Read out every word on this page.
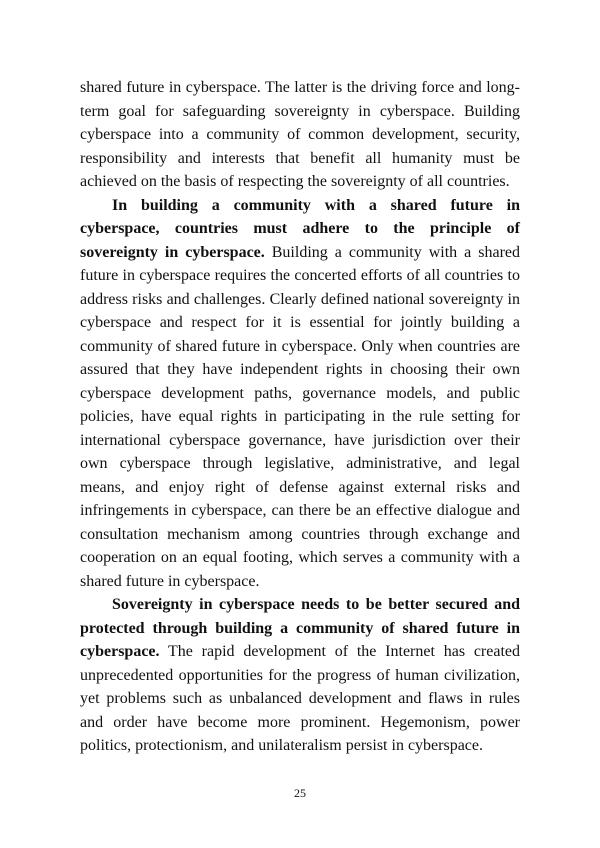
shared future in cyberspace. The latter is the driving force and long-term goal for safeguarding sovereignty in cyberspace. Building cyberspace into a community of common development, security, responsibility and interests that benefit all humanity must be achieved on the basis of respecting the sovereignty of all countries.

In building a community with a shared future in cyberspace, countries must adhere to the principle of sovereignty in cyberspace. Building a community with a shared future in cyberspace requires the concerted efforts of all countries to address risks and challenges. Clearly defined national sovereignty in cyberspace and respect for it is essential for jointly building a community of shared future in cyberspace. Only when countries are assured that they have independent rights in choosing their own cyberspace development paths, governance models, and public policies, have equal rights in participating in the rule setting for international cyberspace governance, have jurisdiction over their own cyberspace through legislative, administrative, and legal means, and enjoy right of defense against external risks and infringements in cyberspace, can there be an effective dialogue and consultation mechanism among countries through exchange and cooperation on an equal footing, which serves a community with a shared future in cyberspace.

Sovereignty in cyberspace needs to be better secured and protected through building a community of shared future in cyberspace. The rapid development of the Internet has created unprecedented opportunities for the progress of human civilization, yet problems such as unbalanced development and flaws in rules and order have become more prominent. Hegemonism, power politics, protectionism, and unilateralism persist in cyberspace.

25
